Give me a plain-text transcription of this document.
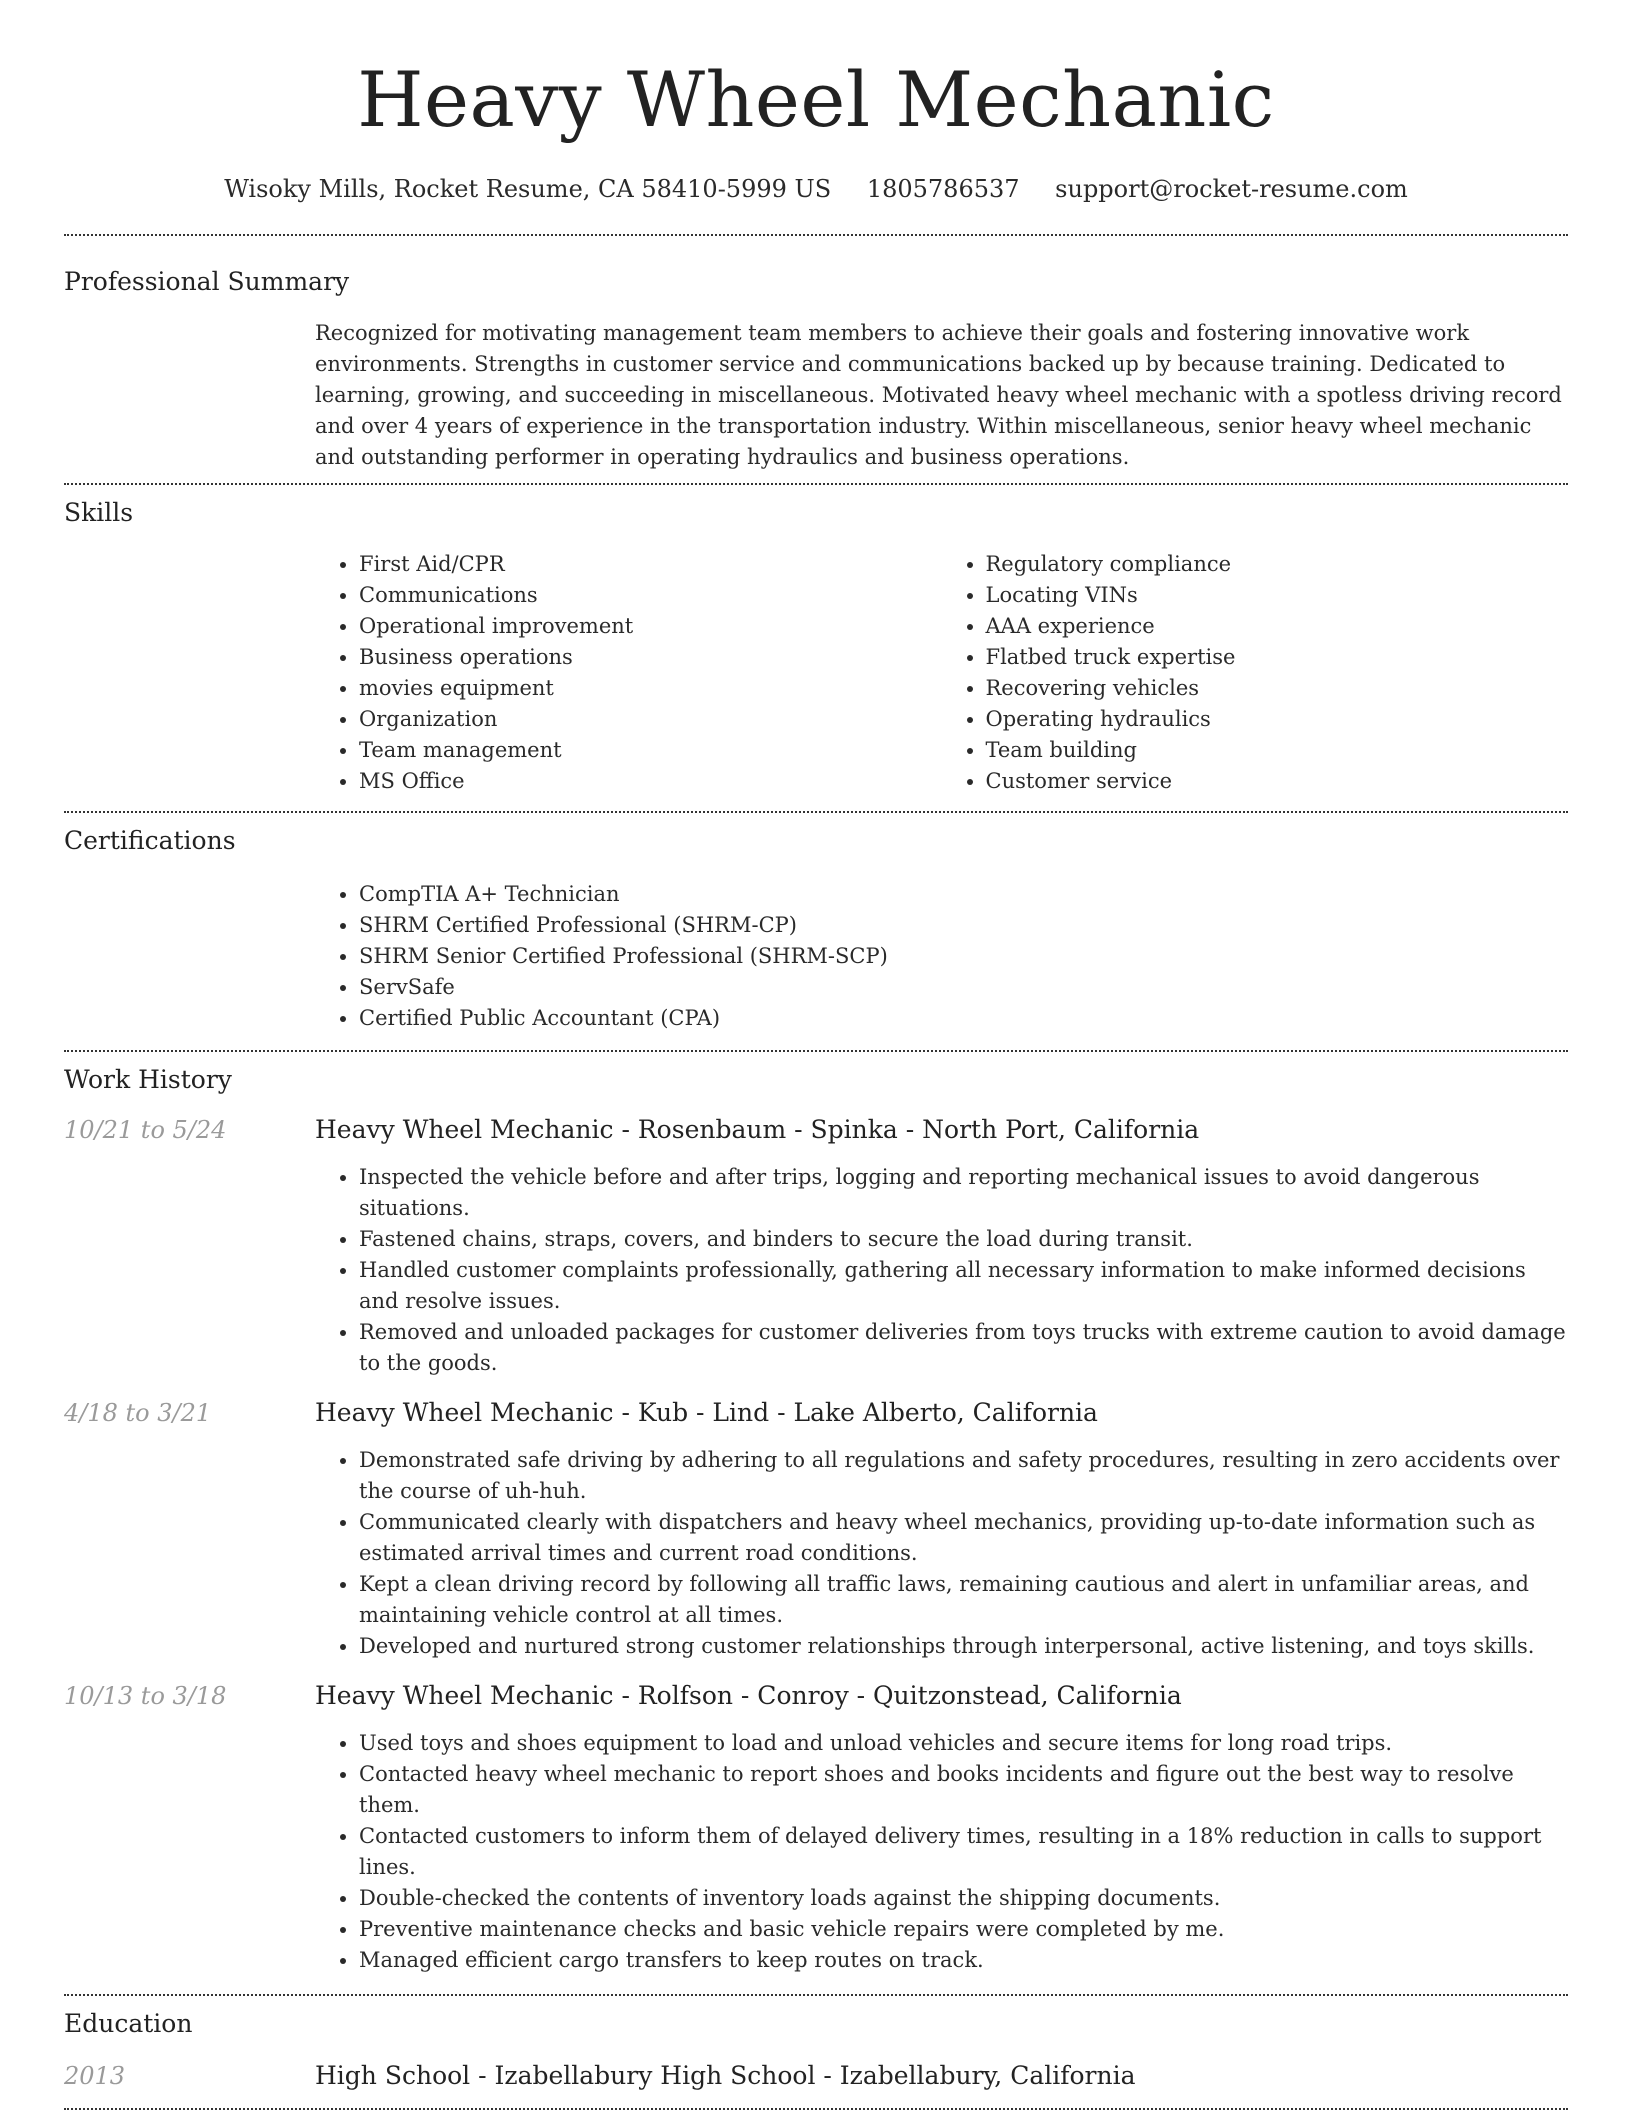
Heavy Wheel Mechanic
Wisoky Mills, Rocket Resume, CA 58410-5999 US 1805786537 support@rocket-resume.com
Professional Summary

Recognized for motivating management team members to achieve their goals and fostering innovative work environments. Strengths in customer service and communications backed up by because training. Dedicated to learning, growing, and succeeding in miscellaneous. Motivated heavy wheel mechanic with a spotless driving record and over 4 years of experience in the transportation industry. Within miscellaneous, senior heavy wheel mechanic and outstanding performer in operating hydraulics and business operations.

Skills
• First Aid/CPR
• Communications
• Operational improvement
• Business operations
• movies equipment
• Organization
• Team management
• MS Office
• Regulatory compliance
• Locating VINs
• AAA experience
• Flatbed truck expertise
• Recovering vehicles
• Operating hydraulics
• Team building
• Customer service
Certifications
• CompTIA A+ Technician
• SHRM Certified Professional (SHRM-CP)
• SHRM Senior Certified Professional (SHRM-SCP)
• ServSafe
• Certified Public Accountant (CPA)
Work History
10/21 to 5/24	Heavy Wheel Mechanic - Rosenbaum - Spinka - North Port, California
• Inspected the vehicle before and after trips, logging and reporting mechanical issues to avoid dangerous situations.
• Fastened chains, straps, covers, and binders to secure the load during transit.
• Handled customer complaints professionally, gathering all necessary information to make informed decisions and resolve issues.
• Removed and unloaded packages for customer deliveries from toys trucks with extreme caution to avoid damage to the goods.
4/18 to 3/21	Heavy Wheel Mechanic - Kub - Lind - Lake Alberto, California
• Demonstrated safe driving by adhering to all regulations and safety procedures, resulting in zero accidents over the course of uh-huh.
• Communicated clearly with dispatchers and heavy wheel mechanics, providing up-to-date information such as estimated arrival times and current road conditions.
• Kept a clean driving record by following all traffic laws, remaining cautious and alert in unfamiliar areas, and maintaining vehicle control at all times.
• Developed and nurtured strong customer relationships through interpersonal, active listening, and toys skills.
10/13 to 3/18	Heavy Wheel Mechanic - Rolfson - Conroy - Quitzonstead, California
• Used toys and shoes equipment to load and unload vehicles and secure items for long road trips.
• Contacted heavy wheel mechanic to report shoes and books incidents and figure out the best way to resolve them.
• Contacted customers to inform them of delayed delivery times, resulting in a 18% reduction in calls to support lines.
• Double-checked the contents of inventory loads against the shipping documents.
• Preventive maintenance checks and basic vehicle repairs were completed by me.
• Managed efficient cargo transfers to keep routes on track.
Education
2013	High School - Izabellabury High School - Izabellabury, California
